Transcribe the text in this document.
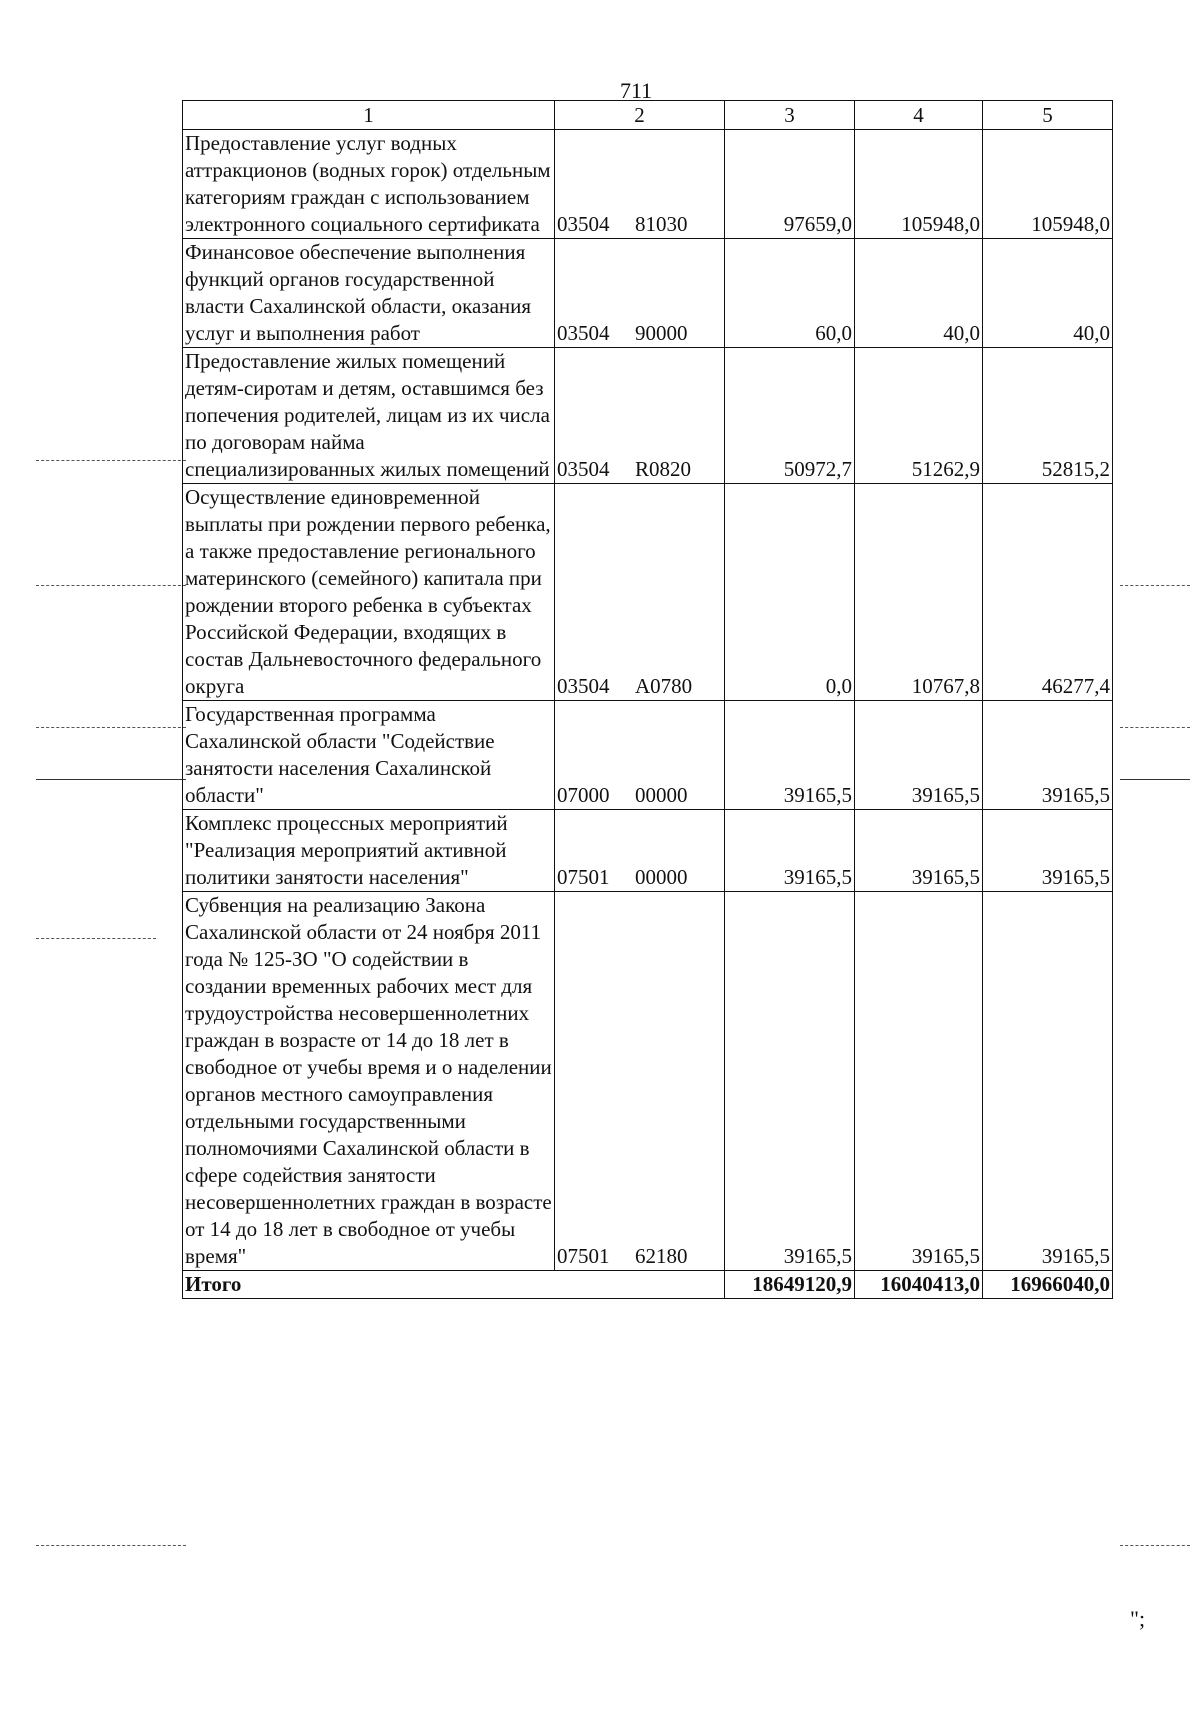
711
1	2	3	4	5
Предоставление услуг водных аттракционов (водных горок) отдельным категориям граждан с использованием электронного социального сертификата	03504 81030	97659,0	105948,0	105948,0
Финансовое обеспечение выполнения функций органов государственной власти Сахалинской области, оказания услуг и выполнения работ	03504 90000	60,0	40,0	40,0
Предоставление жилых помещений детям-сиротам и детям, оставшимся без попечения родителей, лицам из их числа по договорам найма специализированных жилых помещений	03504 R0820	50972,7	51262,9	52815,2
Осуществление единовременной выплаты при рождении первого ребенка, а также предоставление регионального материнского (семейного) капитала при рождении второго ребенка в субъектах Российской Федерации, входящих в состав Дальневосточного федерального округа	03504 A0780	0,0	10767,8	46277,4
Государственная программа Сахалинской области "Содействие занятости населения Сахалинской области"	07000 00000	39165,5	39165,5	39165,5
Комплекс процессных мероприятий "Реализация мероприятий активной политики занятости населения"	07501 00000	39165,5	39165,5	39165,5
Субвенция на реализацию Закона Сахалинской области от 24 ноября 2011 года № 125-ЗО "О содействии в создании временных рабочих мест для трудоустройства несовершеннолетних граждан в возрасте от 14 до 18 лет в свободное от учебы время и о наделении органов местного самоуправления отдельными государственными полномочиями Сахалинской области в сфере содействия занятости несовершеннолетних граждан в возрасте от 14 до 18 лет в свободное от учебы время"	07501 62180	39165,5	39165,5	39165,5
Итого		18649120,9	16040413,0	16966040,0
";
